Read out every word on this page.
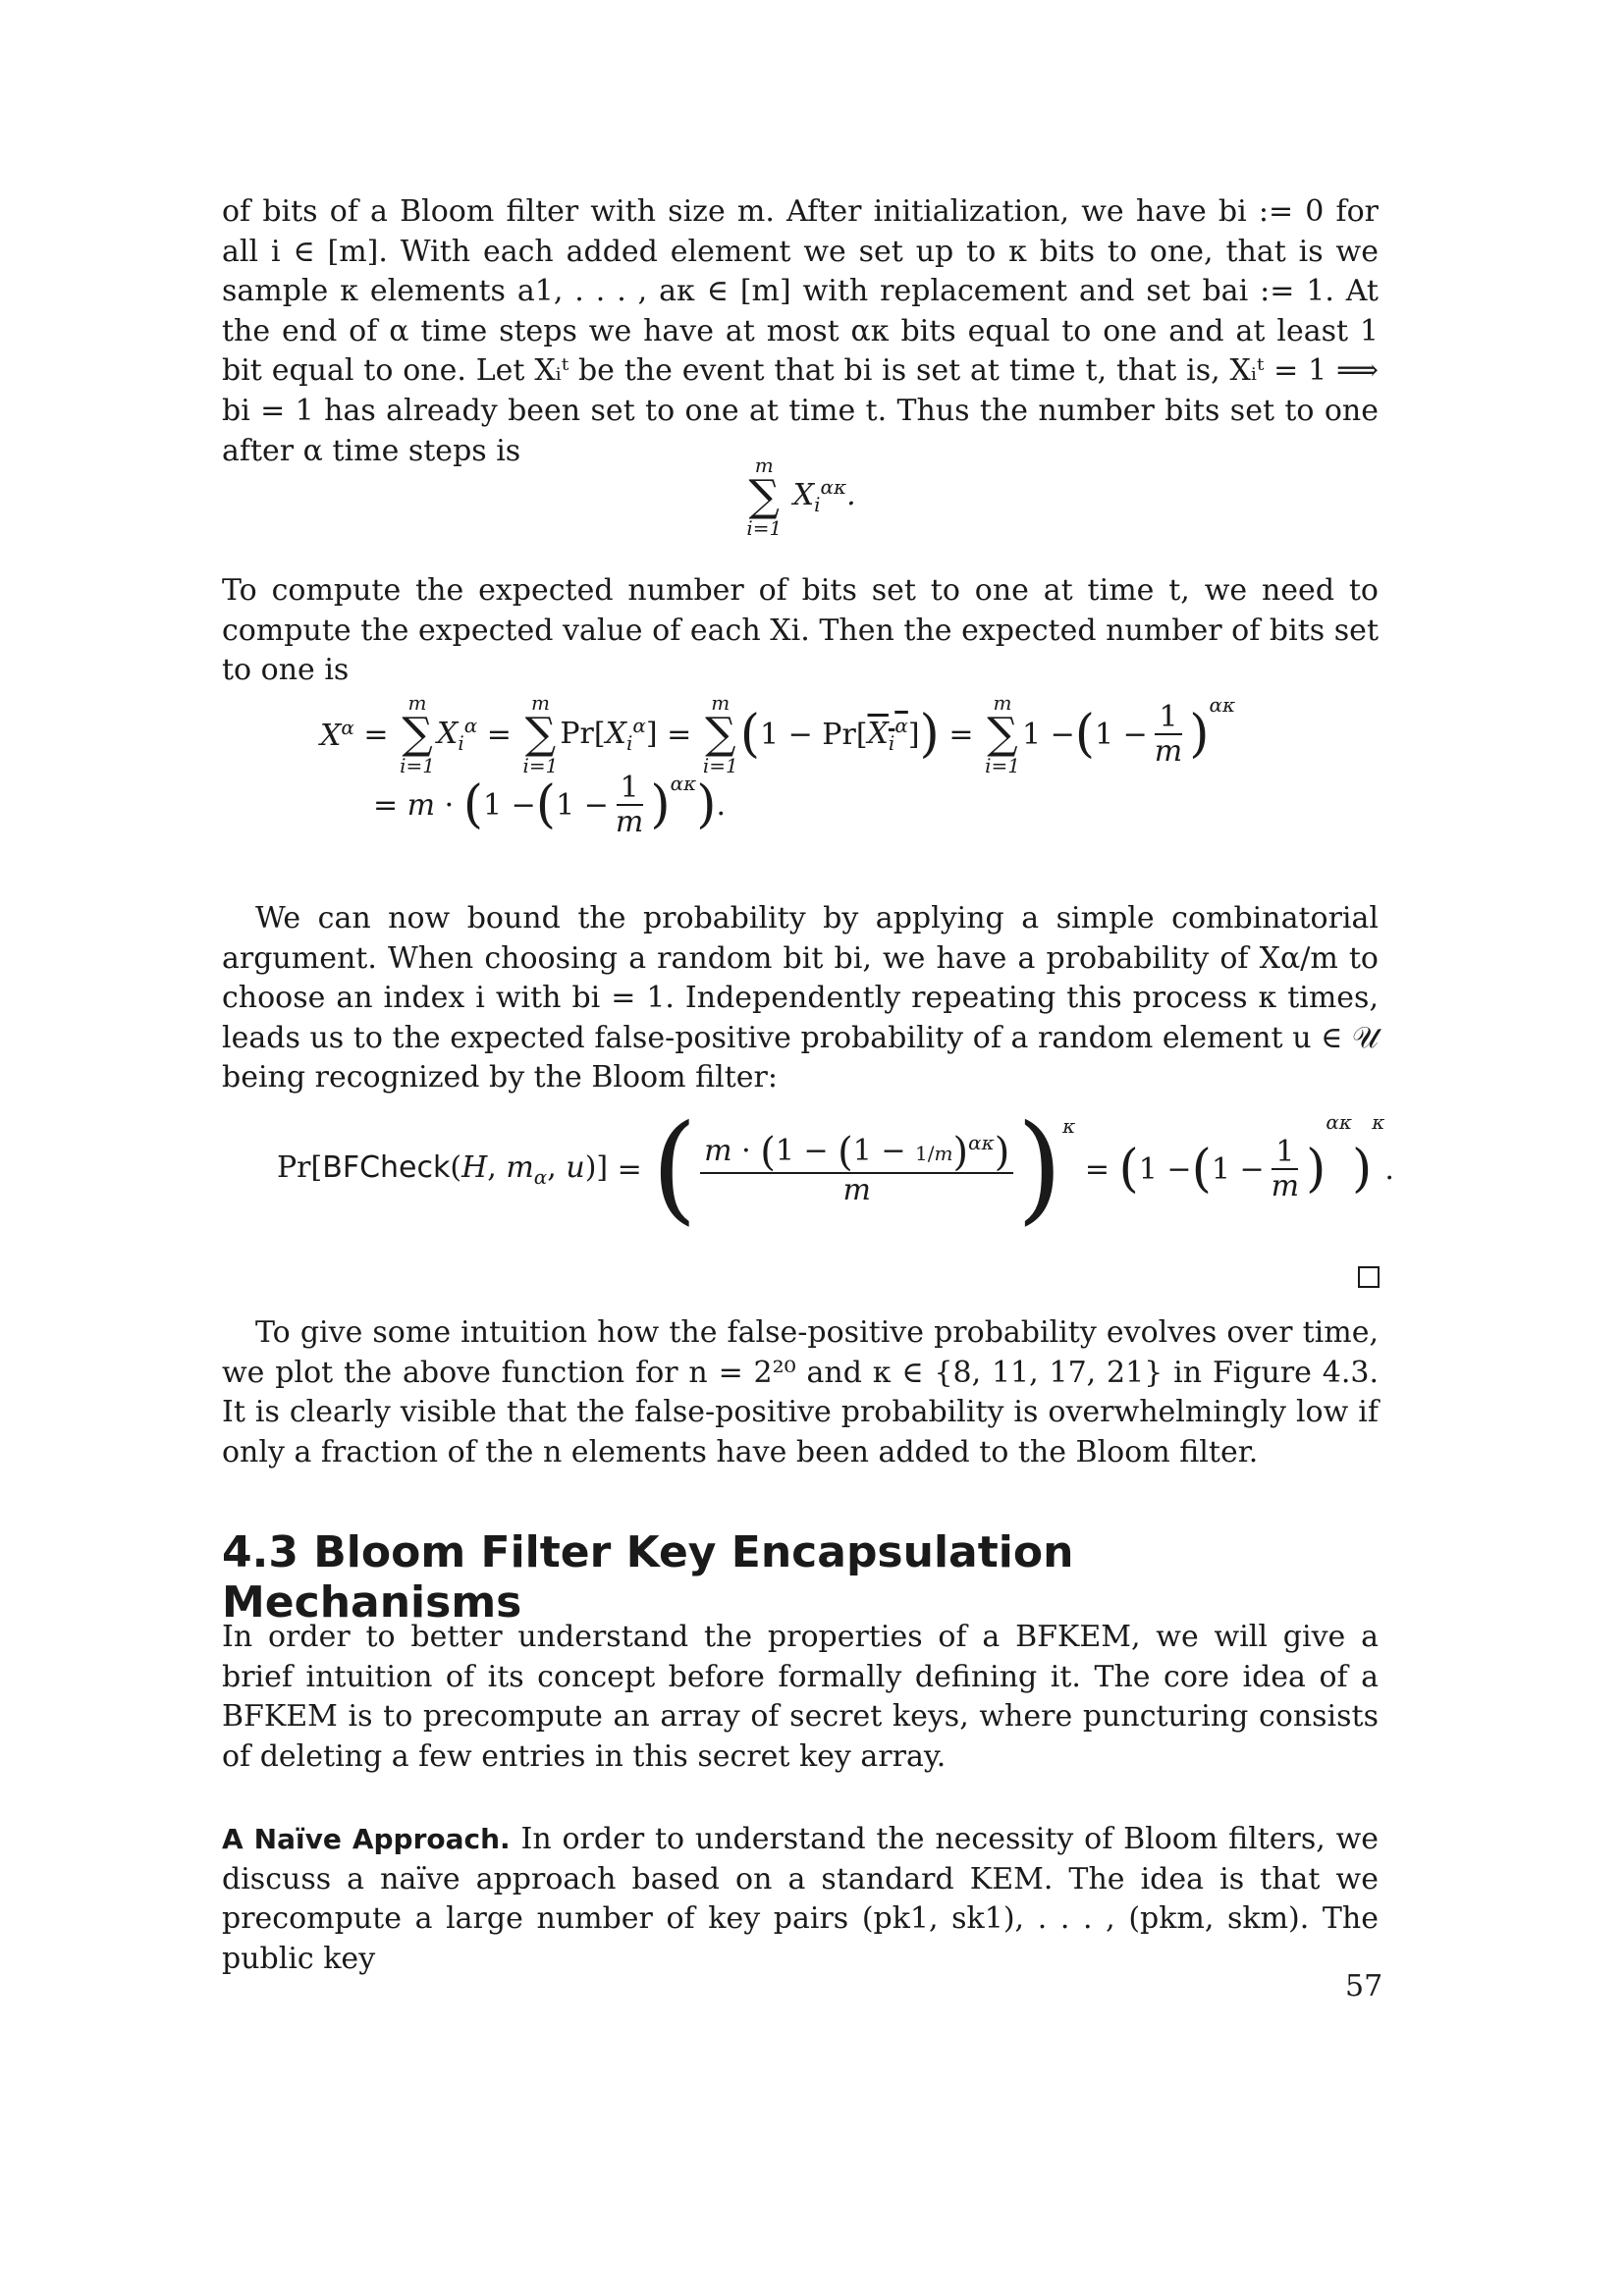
of bits of a Bloom filter with size m. After initialization, we have bi := 0 for all i ∈ [m]. With each added element we set up to κ bits to one, that is we sample κ elements a1, . . . , aκ ∈ [m] with replacement and set bai := 1. At the end of α time steps we have at most ακ bits equal to one and at least 1 bit equal to one. Let Xᵢᵗ be the event that bi is set at time t, that is, Xᵢᵗ = 1 ⟹ bi = 1 has already been set to one at time t. Thus the number bits set to one after α time steps is	m
∑
i=1
$X_i^{\alpha\kappa}$.

To compute the expected number of bits set to one at time t, we need to compute the expected value of each Xi. Then the expected number of bits set to one is

$X^\alpha$ =
m
∑
i=1
$X_i^\alpha$ =
m
∑
i=1
$Pr[X_i^\alpha]$ =
m
∑
i=1
( 1 − Pr[ $X_i^\alpha$ ] ) =
m
∑
i=1
1 − ( $1 - \frac{1}{m} )^{\alpha\kappa}$
= m · ( 1 − ( $1 - \frac{1}{m} )^{\alpha\kappa}$ ) .

We can now bound the probability by applying a simple combinatorial argument. When choosing a random bit bi, we have a probability of Xα/m to choose an index i with bi = 1. Independently repeating this process κ times, leads us to the expected false-positive probability of a random element u ∈ 𝒰 being recognized by the Bloom filter:

Pr[BFCheck(H, $m_\alpha$, u)] = ( $\frac{m \cdot (1 - (1 - 1/m)^{\alpha\kappa})}{m} )^\kappa$
= ( 1 − ( $1 - \frac{1}{m}$ )
ακ
)
κ
.

To give some intuition how the false-positive probability evolves over time, we plot the above function for n = 2²⁰ and κ ∈ {8, 11, 17, 21} in Figure 4.3. It is clearly visible that the false-positive probability is overwhelmingly low if only a fraction of the n elements have been added to the Bloom filter.

4.3 Bloom Filter Key Encapsulation Mechanisms

In order to better understand the properties of a BFKEM, we will give a brief intuition of its concept before formally defining it. The core idea of a BFKEM is to precompute an array of secret keys, where puncturing consists of deleting a few entries in this secret key array.

A Naïve Approach. In order to understand the necessity of Bloom filters, we discuss a naïve approach based on a standard KEM. The idea is that we precompute a large number of key pairs (pk1, sk1), . . . , (pkm, skm). The public key

57
